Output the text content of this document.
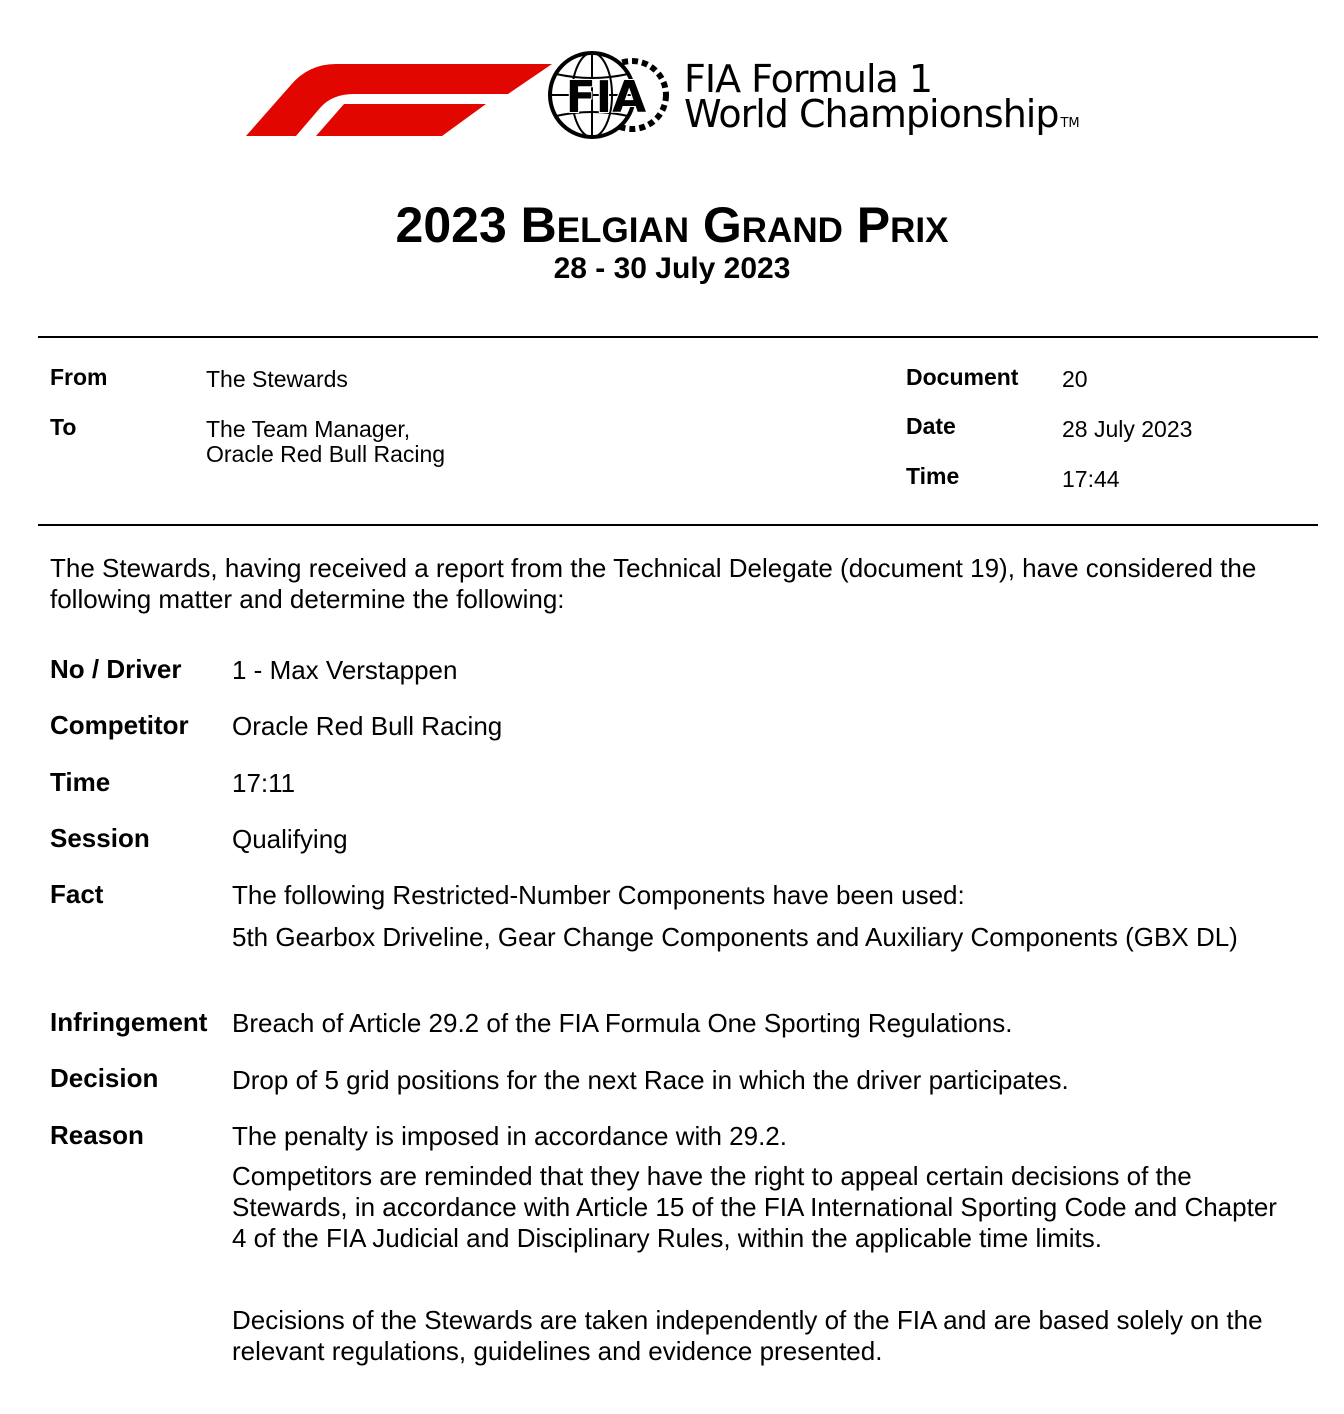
FIA FIA Formula 1
World Championship TM
2023 Belgian Grand Prix
28 - 30 July 2023
From	The Stewards
To	The Team Manager,
Oracle Red Bull Racing
Document 20
Date	28 July 2023
Time	17:44
The Stewards, having received a report from the Technical Delegate (document 19), have considered the following matter and determine the following:
No / Driver 1 - Max Verstappen
Competitor Oracle Red Bull Racing
Time	17:11
Session	Qualifying
Fact	The following Restricted-Number Components have been used:

5th Gearbox Driveline, Gear Change Components and Auxiliary Components (GBX DL)

Infringement Breach of Article 29.2 of the FIA Formula One Sporting Regulations.
Decision	Drop of 5 grid positions for the next Race in which the driver participates.
Reason	The penalty is imposed in accordance with 29.2.

Competitors are reminded that they have the right to appeal certain decisions of the Stewards, in accordance with Article 15 of the FIA International Sporting Code and Chapter 4 of the FIA Judicial and Disciplinary Rules, within the applicable time limits.

Decisions of the Stewards are taken independently of the FIA and are based solely on the relevant regulations, guidelines and evidence presented.
